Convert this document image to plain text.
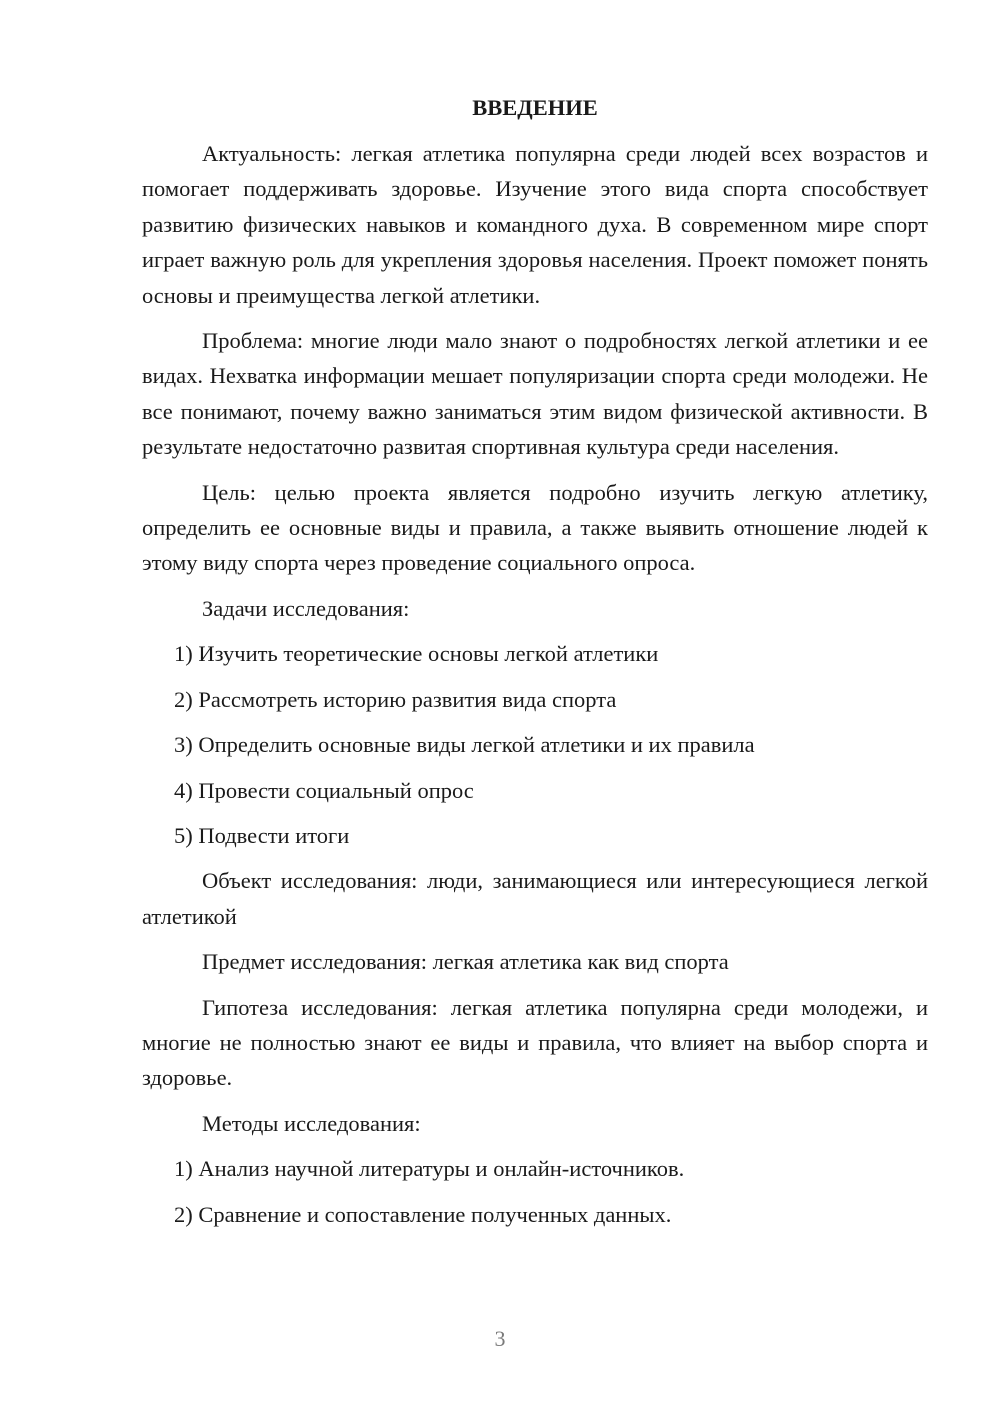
ВВЕДЕНИЕ

Актуальность: легкая атлетика популярна среди людей всех возрастов и помогает поддерживать здоровье. Изучение этого вида спорта способствует развитию физических навыков и командного духа. В современном мире спорт играет важную роль для укрепления здоровья населения. Проект поможет понять основы и преимущества легкой атлетики.

Проблема: многие люди мало знают о подробностях легкой атлетики и ее видах. Нехватка информации мешает популяризации спорта среди молодежи. Не все понимают, почему важно заниматься этим видом физической активности. В результате недостаточно развитая спортивная культура среди населения.

Цель: целью проекта является подробно изучить легкую атлетику, определить ее основные виды и правила, а также выявить отношение людей к этому виду спорта через проведение социального опроса.

Задачи исследования:
1) Изучить теоретические основы легкой атлетики
2) Рассмотреть историю развития вида спорта
3) Определить основные виды легкой атлетики и их правила
4) Провести социальный опрос
5) Подвести итоги

Объект исследования: люди, занимающиеся или интересующиеся легкой атлетикой

Предмет исследования: легкая атлетика как вид спорта

Гипотеза исследования: легкая атлетика популярна среди молодежи, и многие не полностью знают ее виды и правила, что влияет на выбор спорта и здоровье.

Методы исследования:
1) Анализ научной литературы и онлайн-источников.
2) Сравнение и сопоставление полученных данных.
3
